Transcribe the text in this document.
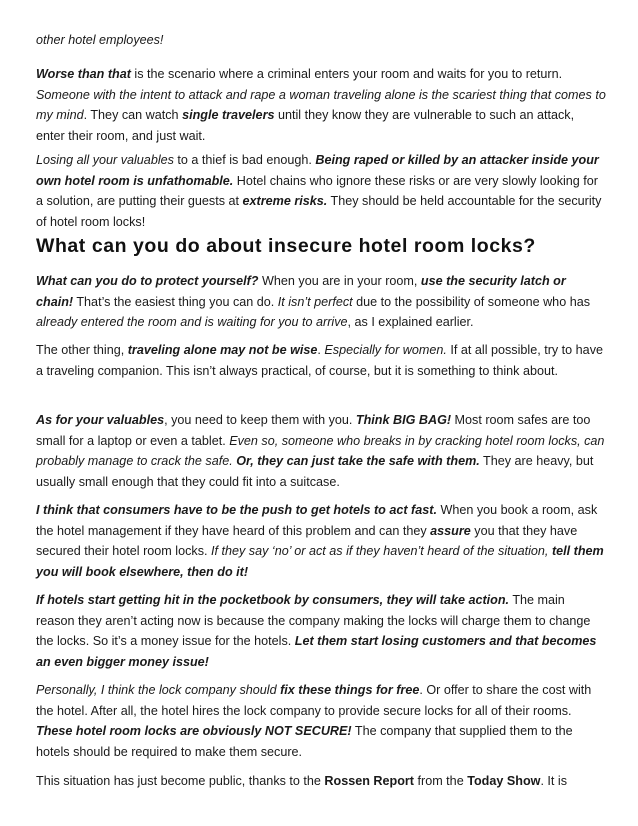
other hotel employees!

Worse than that is the scenario where a criminal enters your room and waits for you to return. Someone with the intent to attack and rape a woman traveling alone is the scariest thing that comes to my mind. They can watch single travelers until they know they are vulnerable to such an attack, enter their room, and just wait.

Losing all your valuables to a thief is bad enough. Being raped or killed by an attacker inside your own hotel room is unfathomable. Hotel chains who ignore these risks or are very slowly looking for a solution, are putting their guests at extreme risks. They should be held accountable for the security of hotel room locks!

What can you do about insecure hotel room locks?

What can you do to protect yourself? When you are in your room, use the security latch or chain! That’s the easiest thing you can do. It isn’t perfect due to the possibility of someone who has already entered the room and is waiting for you to arrive, as I explained earlier.

The other thing, traveling alone may not be wise. Especially for women. If at all possible, try to have a traveling companion. This isn’t always practical, of course, but it is something to think about.

As for your valuables, you need to keep them with you. Think BIG BAG! Most room safes are too small for a laptop or even a tablet. Even so, someone who breaks in by cracking hotel room locks, can probably manage to crack the safe. Or, they can just take the safe with them. They are heavy, but usually small enough that they could fit into a suitcase.

I think that consumers have to be the push to get hotels to act fast. When you book a room, ask the hotel management if they have heard of this problem and can they assure you that they have secured their hotel room locks. If they say ‘no’ or act as if they haven’t heard of the situation, tell them you will book elsewhere, then do it!

If hotels start getting hit in the pocketbook by consumers, they will take action. The main reason they aren’t acting now is because the company making the locks will charge them to change the locks. So it’s a money issue for the hotels. Let them start losing customers and that becomes an even bigger money issue!

Personally, I think the lock company should fix these things for free. Or offer to share the cost with the hotel. After all, the hotel hires the lock company to provide secure locks for all of their rooms. These hotel room locks are obviously NOT SECURE! The company that supplied them to the hotels should be required to make them secure.

This situation has just become public, thanks to the Rossen Report from the Today Show. It is
